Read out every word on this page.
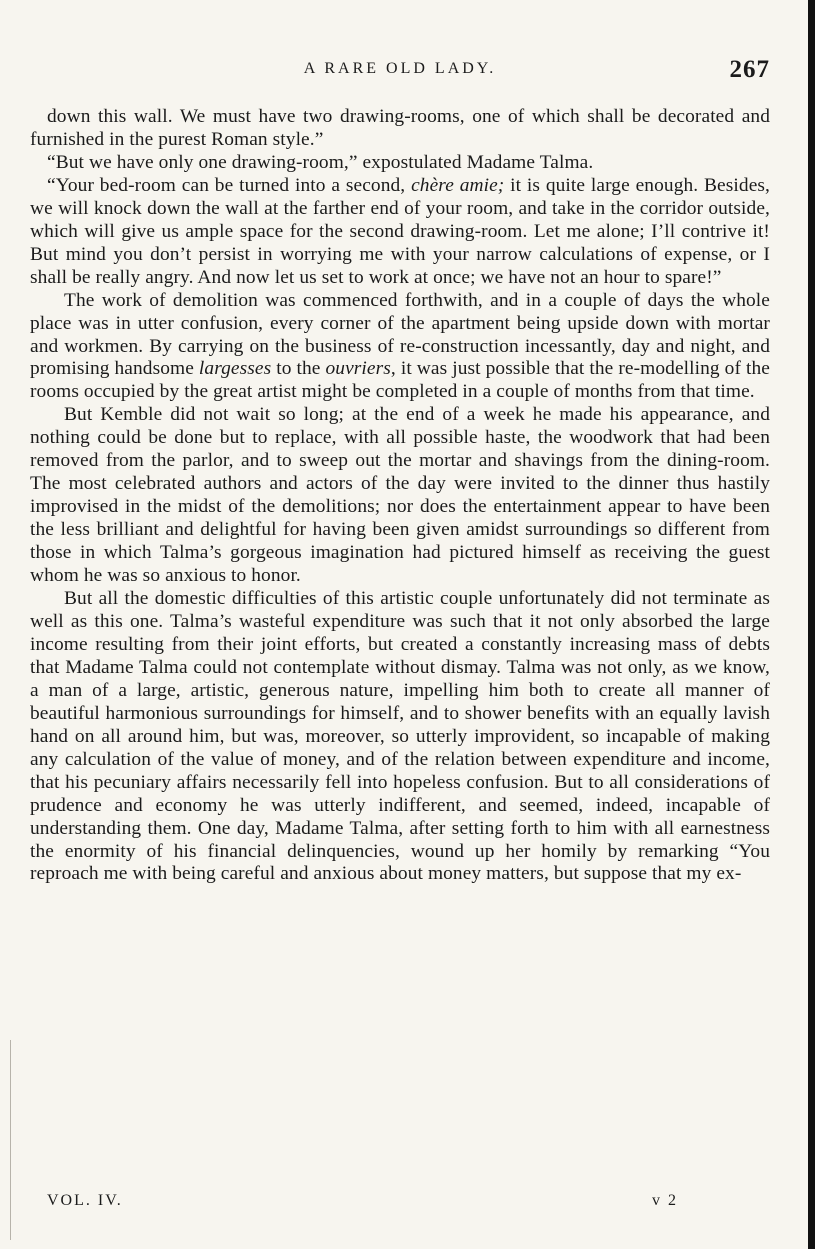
A RARE OLD LADY.	267

down this wall. We must have two drawing-rooms, one of which shall be decorated and furnished in the purest Roman style.”

“But we have only one drawing-room,” expostulated Madame Talma.

“Your bed-room can be turned into a second, chère amie; it is quite large enough. Besides, we will knock down the wall at the farther end of your room, and take in the corridor outside, which will give us ample space for the second drawing-room. Let me alone; I’ll contrive it! But mind you don’t persist in worrying me with your narrow calculations of expense, or I shall be really angry. And now let us set to work at once; we have not an hour to spare!”

The work of demolition was commenced forthwith, and in a couple of days the whole place was in utter confusion, every corner of the apartment being upside down with mortar and workmen. By carrying on the business of re-construction incessantly, day and night, and promising handsome largesses to the ouvriers, it was just possible that the re-modelling of the rooms occupied by the great artist might be completed in a couple of months from that time.

But Kemble did not wait so long; at the end of a week he made his appearance, and nothing could be done but to replace, with all possible haste, the woodwork that had been removed from the parlor, and to sweep out the mortar and shavings from the dining-room. The most celebrated authors and actors of the day were invited to the dinner thus hastily improvised in the midst of the demolitions; nor does the entertainment appear to have been the less brilliant and delightful for having been given amidst surroundings so different from those in which Talma’s gorgeous imagination had pictured himself as receiving the guest whom he was so anxious to honor.

But all the domestic difficulties of this artistic couple unfortunately did not terminate as well as this one. Talma’s wasteful expenditure was such that it not only absorbed the large income resulting from their joint efforts, but created a constantly increasing mass of debts that Madame Talma could not contemplate without dismay. Talma was not only, as we know, a man of a large, artistic, generous nature, impelling him both to create all manner of beautiful harmonious surroundings for himself, and to shower benefits with an equally lavish hand on all around him, but was, moreover, so utterly improvident, so incapable of making any calculation of the value of money, and of the relation between expenditure and income, that his pecuniary affairs necessarily fell into hopeless confusion. But to all considerations of prudence and economy he was utterly indifferent, and seemed, indeed, incapable of understanding them. One day, Madame Talma, after setting forth to him with all earnestness the enormity of his financial delinquencies, wound up her homily by remarking “You reproach me with being careful and anxious about money matters, but suppose that my ex-

VOL. IV.	v 2
